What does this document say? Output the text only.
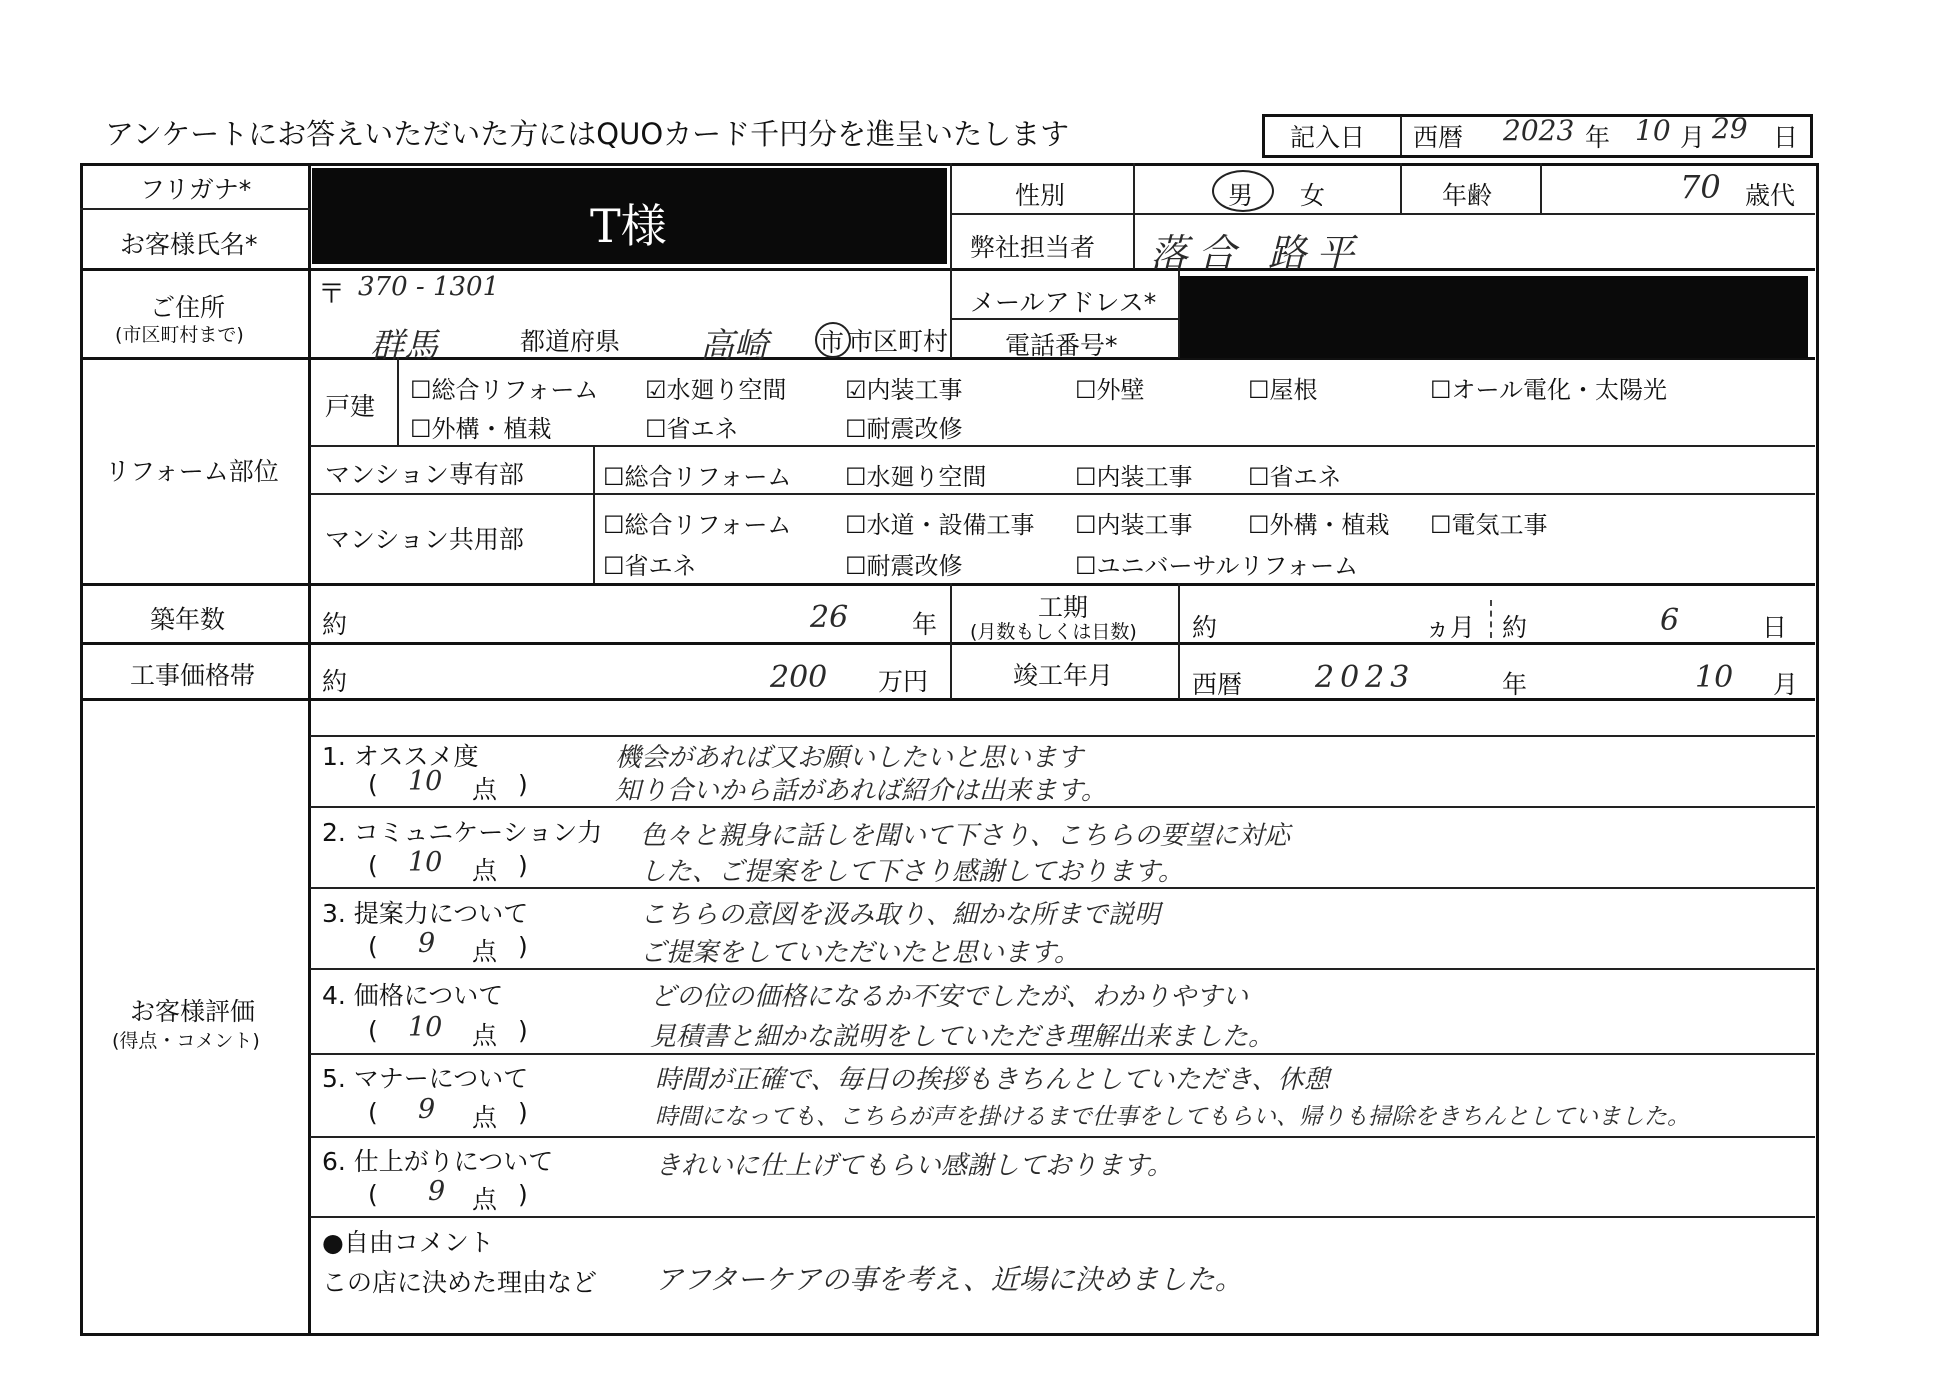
アンケートにお答えいただいた方にはQUOカード千円分を進呈いたします	記入日 西暦 2023 年 10 月 29 日
フリガナ*
お客様氏名*	T様
性別	男 女	年齢	70 歳代
弊社担当者 落合 路平
ご住所
(市区町村まで)
〒 370 - 1301
群馬	都道府県 高崎 市 市区町村
メールアドレス*
電話番号*
リフォーム部位
戸建
☐総合リフォーム ☑水廻り空間 ☑内装工事	☐外壁	☐屋根	☐オール電化・太陽光
☐外構・植栽	☐省エネ	☐耐震改修
マンション専有部	☐総合リフォーム ☐水廻り空間	☐内装工事 ☐省エネ
マンション共用部	☐総合リフォーム ☐水道・設備工事 ☐内装工事 ☐外構・植栽 ☐電気工事
☐省エネ	☐耐震改修	☐ユニバーサルリフォーム
築年数	約	26	年
工期
(月数もしくは日数) 約	ヵ月 約	6	日
工事価格帯	約	200 万円	竣工年月	西暦 2023	年	10 月
お客様評価
(得点・コメント)
1. オススメ度
( 10 点 )
機会があれば又お願いしたいと思います
知り合いから話があれば紹介は出来ます。
2. コミュニケーション力
( 10 点 )
色々と親身に話しを聞いて下さり、こちらの要望に対応
した、ご提案をして下さり感謝しております。
3. 提案力について
( 9 点 )
こちらの意図を汲み取り、細かな所まで説明
ご提案をしていただいたと思います。
4. 価格について
( 10 点 )
どの位の価格になるか不安でしたが、わかりやすい
見積書と細かな説明をしていただき理解出来ました。
5. マナーについて
( 9 点 )
時間が正確で、毎日の挨拶もきちんとしていただき、休憩
時間になっても、こちらが声を掛けるまで仕事をしてもらい、帰りも掃除をきちんとしていました。
6. 仕上がりについて
( 9 点 )
きれいに仕上げてもらい感謝しております。
●自由コメント
この店に決めた理由など アフターケアの事を考え、近場に決めました。
